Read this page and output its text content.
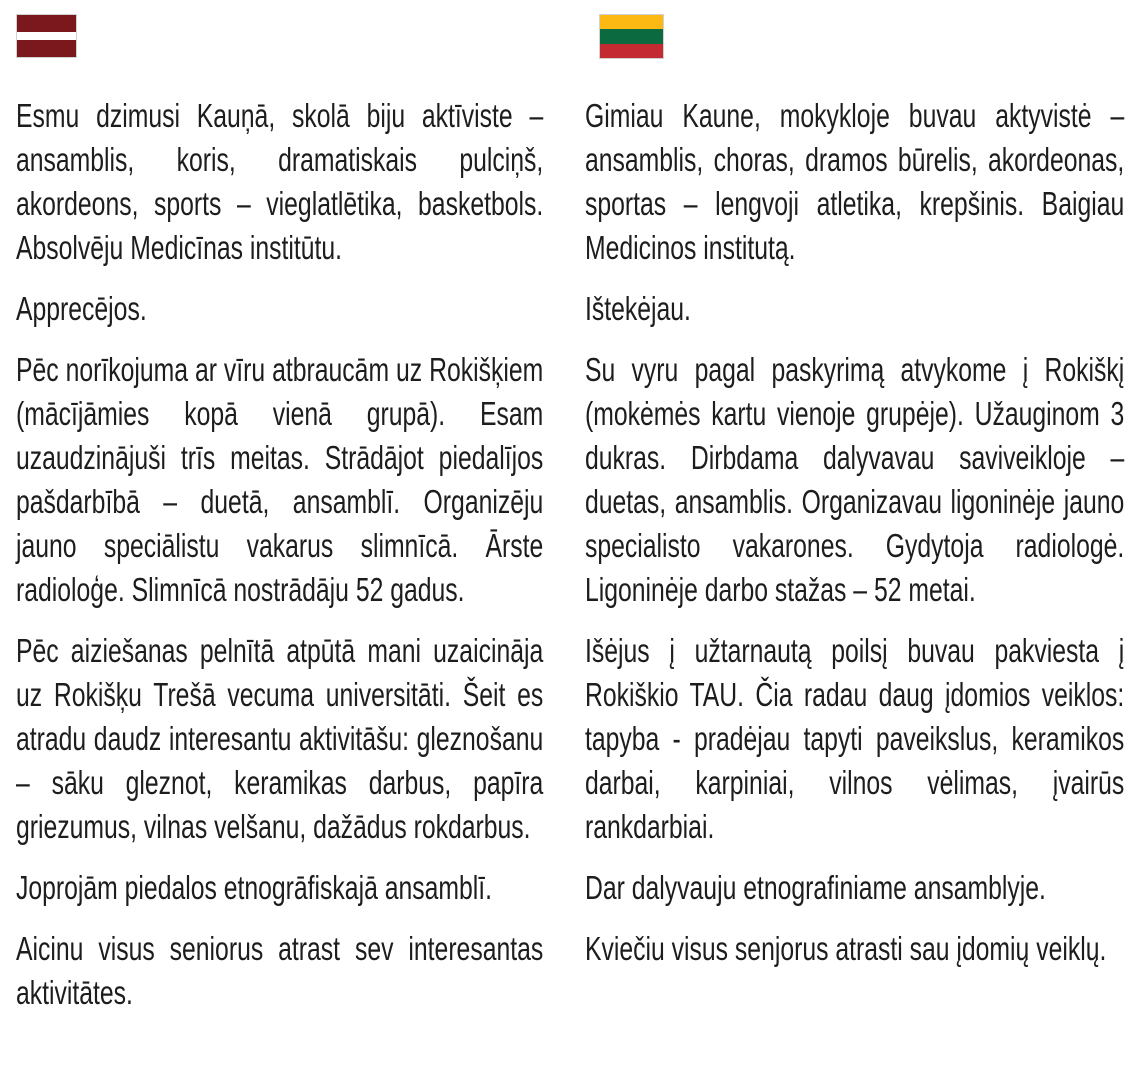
Esmu dzimusi Kauņā, skolā biju aktīviste – ansamblis, koris, dramatiskais pulciņš, akordeons, sports – vieglatlētika, basketbols. Absolvēju Medicīnas institūtu.

Apprecējos.

Pēc norīkojuma ar vīru atbraucām uz Rokišķiem (mācījāmies kopā vienā grupā). Esam uzaudzinājuši trīs meitas. Strādājot piedalījos pašdarbībā – duetā, ansamblī. Organizēju jauno speciālistu vakarus slimnīcā. Ārste radioloģe. Slimnīcā nostrādāju 52 gadus.

Pēc aiziešanas pelnītā atpūtā mani uzaicināja uz Rokišķu Trešā vecuma universitāti. Šeit es atradu daudz interesantu aktivitāšu: gleznošanu – sāku gleznot, keramikas darbus, papīra griezumus, vilnas velšanu, dažādus rokdarbus.

Joprojām piedalos etnogrāfiskajā ansamblī.

Aicinu visus seniorus atrast sev interesantas aktivitātes.

Gimiau Kaune, mokykloje buvau aktyvistė – ansamblis, choras, dramos būrelis, akordeonas, sportas – lengvoji atletika, krepšinis. Baigiau Medicinos institutą.

Ištekėjau.

Su vyru pagal paskyrimą atvykome į Rokiškį (mokėmės kartu vienoje grupėje). Užauginom 3 dukras. Dirbdama dalyvavau saviveikloje – duetas, ansamblis. Organizavau ligoninėje jauno specialisto vakarones. Gydytoja radiologė. Ligoninėje darbo stažas – 52 metai.

Išėjus į užtarnautą poilsį buvau pakviesta į Rokiškio TAU. Čia radau daug įdomios veiklos: tapyba - pradėjau tapyti paveikslus, keramikos darbai, karpiniai, vilnos vėlimas, įvairūs rankdarbiai.

Dar dalyvauju etnografiniame ansamblyje.

Kviečiu visus senjorus atrasti sau įdomių veiklų.
